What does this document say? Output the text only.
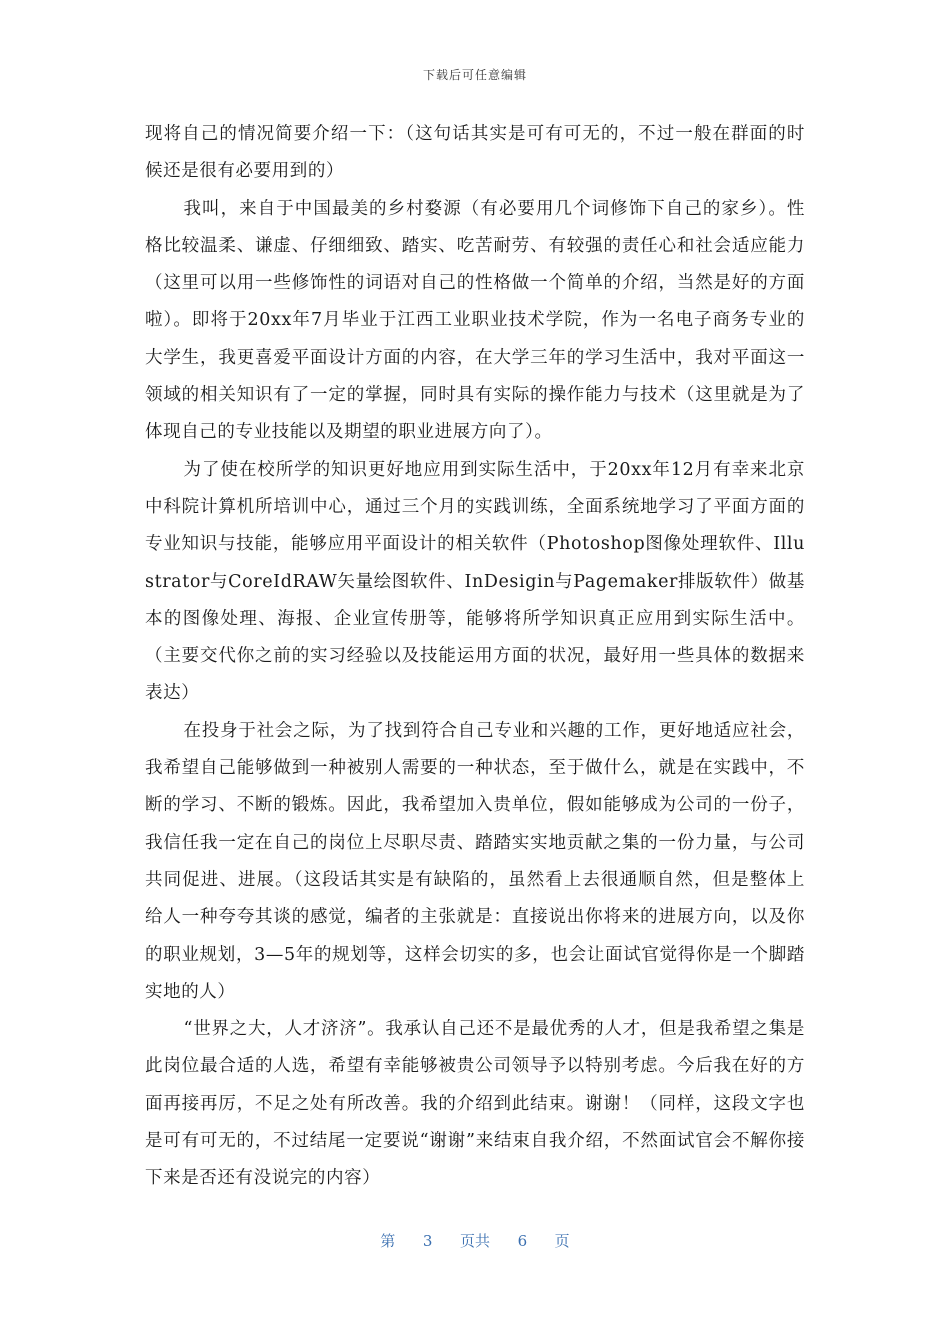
下载后可任意编辑

现将自己的情况简要介绍一下：（这句话其实是可有可无的，不过一般在群面的时候还是很有必要用到的）

我叫，来自于中国最美的乡村婺源（有必要用几个词修饰下自己的家乡）。性格比较温柔、谦虚、仔细细致、踏实、吃苦耐劳、有较强的责任心和社会适应能力（这里可以用一些修饰性的词语对自己的性格做一个简单的介绍，当然是好的方面啦）。即将于20xx年7月毕业于江西工业职业技术学院，作为一名电子商务专业的大学生，我更喜爱平面设计方面的内容，在大学三年的学习生活中，我对平面这一领域的相关知识有了一定的掌握，同时具有实际的操作能力与技术（这里就是为了体现自己的专业技能以及期望的职业进展方向了）。

为了使在校所学的知识更好地应用到实际生活中，于20xx年12月有幸来北京中科院计算机所培训中心，通过三个月的实践训练，全面系统地学习了平面方面的专业知识与技能，能够应用平面设计的相关软件（Photoshop图像处理软件、Illustrator与CoreIdRAW矢量绘图软件、InDesigin与Pagemaker排版软件）做基本的图像处理、海报、企业宣传册等，能够将所学知识真正应用到实际生活中。（主要交代你之前的实习经验以及技能运用方面的状况，最好用一些具体的数据来表达）

在投身于社会之际，为了找到符合自己专业和兴趣的工作，更好地适应社会，我希望自己能够做到一种被别人需要的一种状态，至于做什么，就是在实践中，不断的学习、不断的锻炼。因此，我希望加入贵单位，假如能够成为公司的一份子，我信任我一定在自己的岗位上尽职尽责、踏踏实实地贡献之集的一份力量，与公司共同促进、进展。（这段话其实是有缺陷的，虽然看上去很通顺自然，但是整体上给人一种夸夸其谈的感觉，编者的主张就是：直接说出你将来的进展方向，以及你的职业规划，3—5年的规划等，这样会切实的多，也会让面试官觉得你是一个脚踏实地的人）

“世界之大，人才济济”。我承认自己还不是最优秀的人才，但是我希望之集是此岗位最合适的人选，希望有幸能够被贵公司领导予以特别考虑。今后我在好的方面再接再厉，不足之处有所改善。我的介绍到此结束。谢谢！（同样，这段文字也是可有可无的，不过结尾一定要说“谢谢”来结束自我介绍，不然面试官会不解你接下来是否还有没说完的内容）

第 3 页共 6 页
